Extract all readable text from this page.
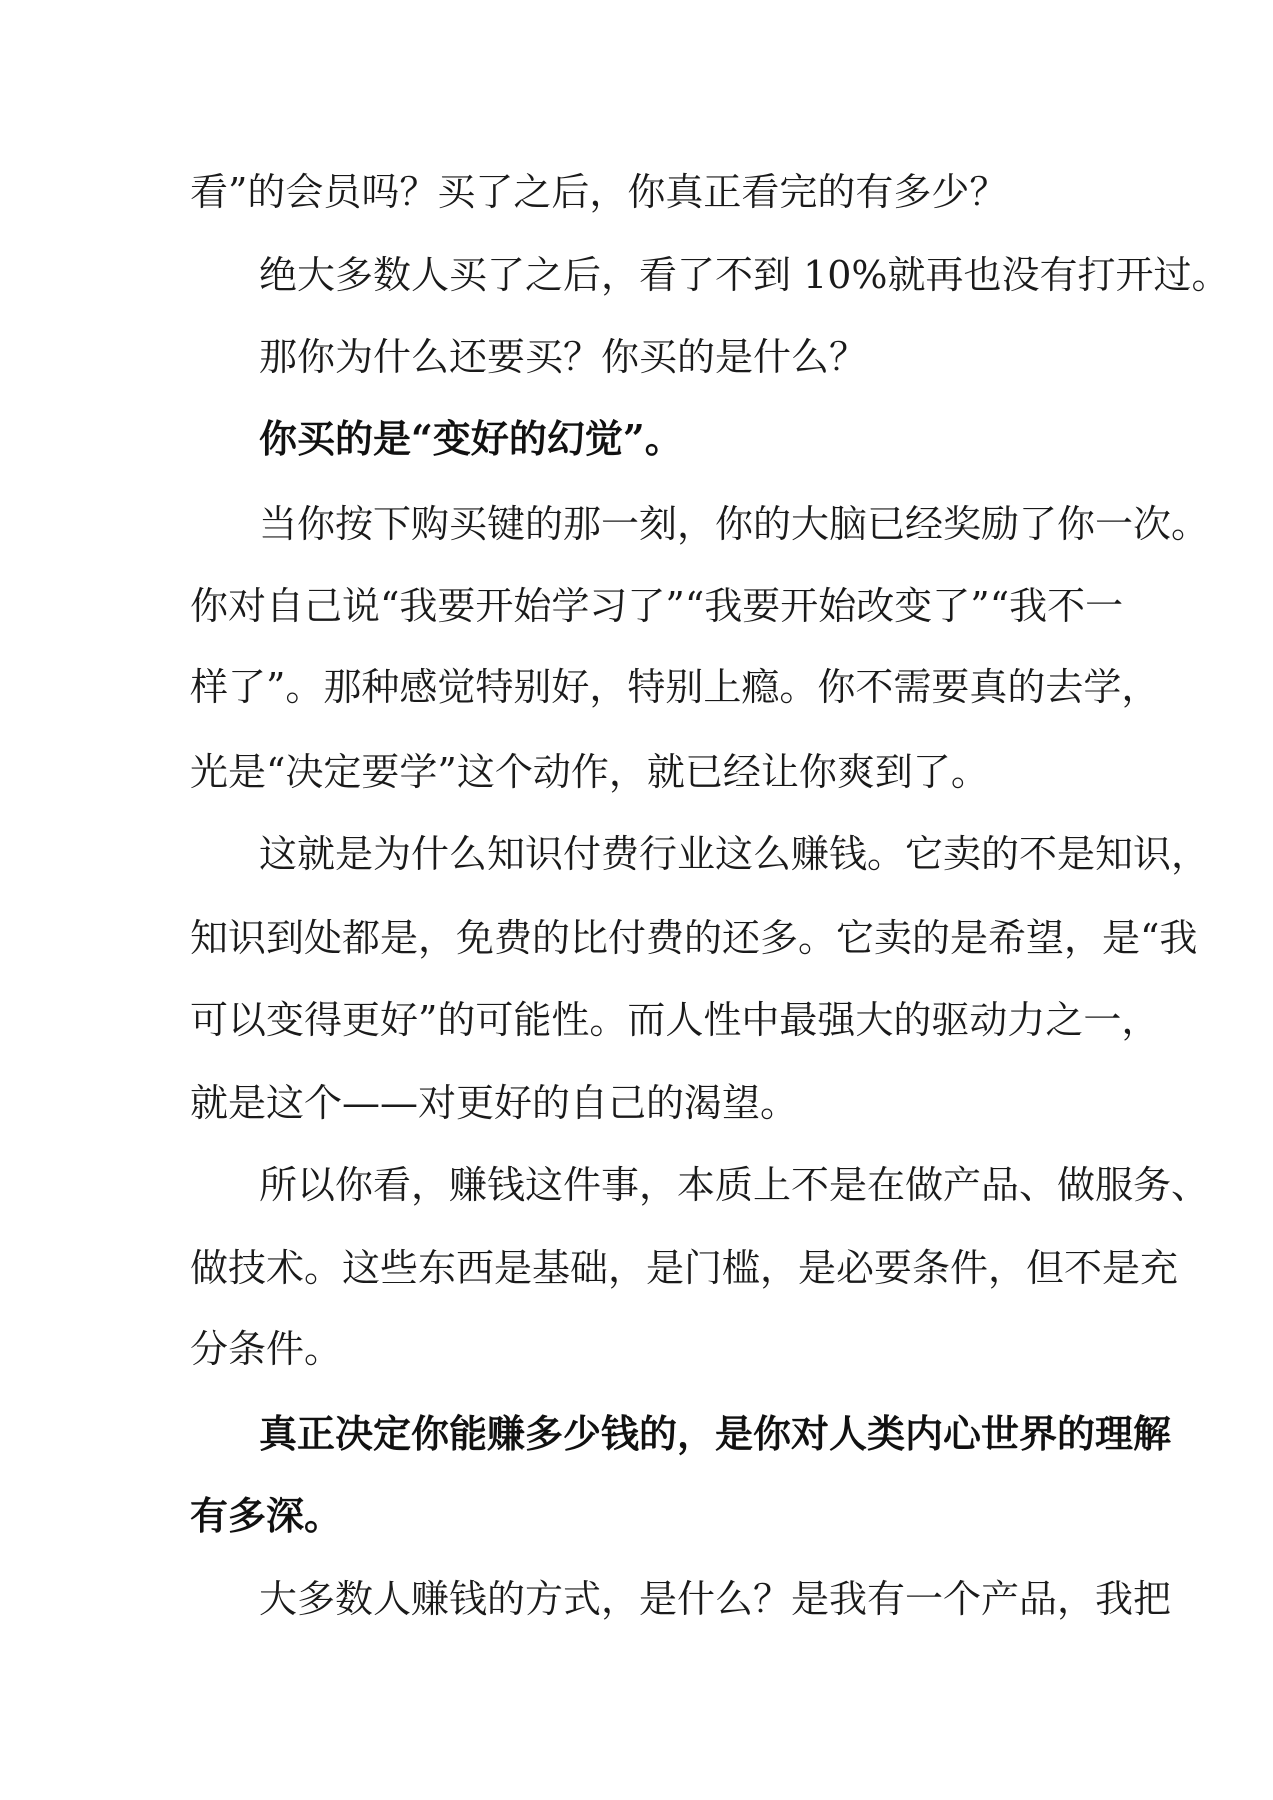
看”的会员吗？买了之后，你真正看完的有多少？
绝大多数人买了之后，看了不到 10%就再也没有打开过。
那你为什么还要买？你买的是什么？
你买的是“变好的幻觉”。
当你按下购买键的那一刻，你的大脑已经奖励了你一次。
你对自己说“我要开始学习了”“我要开始改变了”“我不一
样了”。那种感觉特别好，特别上瘾。你不需要真的去学，
光是“决定要学”这个动作，就已经让你爽到了。
这就是为什么知识付费行业这么赚钱。它卖的不是知识，
知识到处都是，免费的比付费的还多。它卖的是希望，是“我
可以变得更好”的可能性。而人性中最强大的驱动力之一，
就是这个——对更好的自己的渴望。
所以你看，赚钱这件事，本质上不是在做产品、做服务、
做技术。这些东西是基础，是门槛，是必要条件，但不是充
分条件。
真正决定你能赚多少钱的，是你对人类内心世界的理解
有多深。
大多数人赚钱的方式，是什么？是我有一个产品，我把
